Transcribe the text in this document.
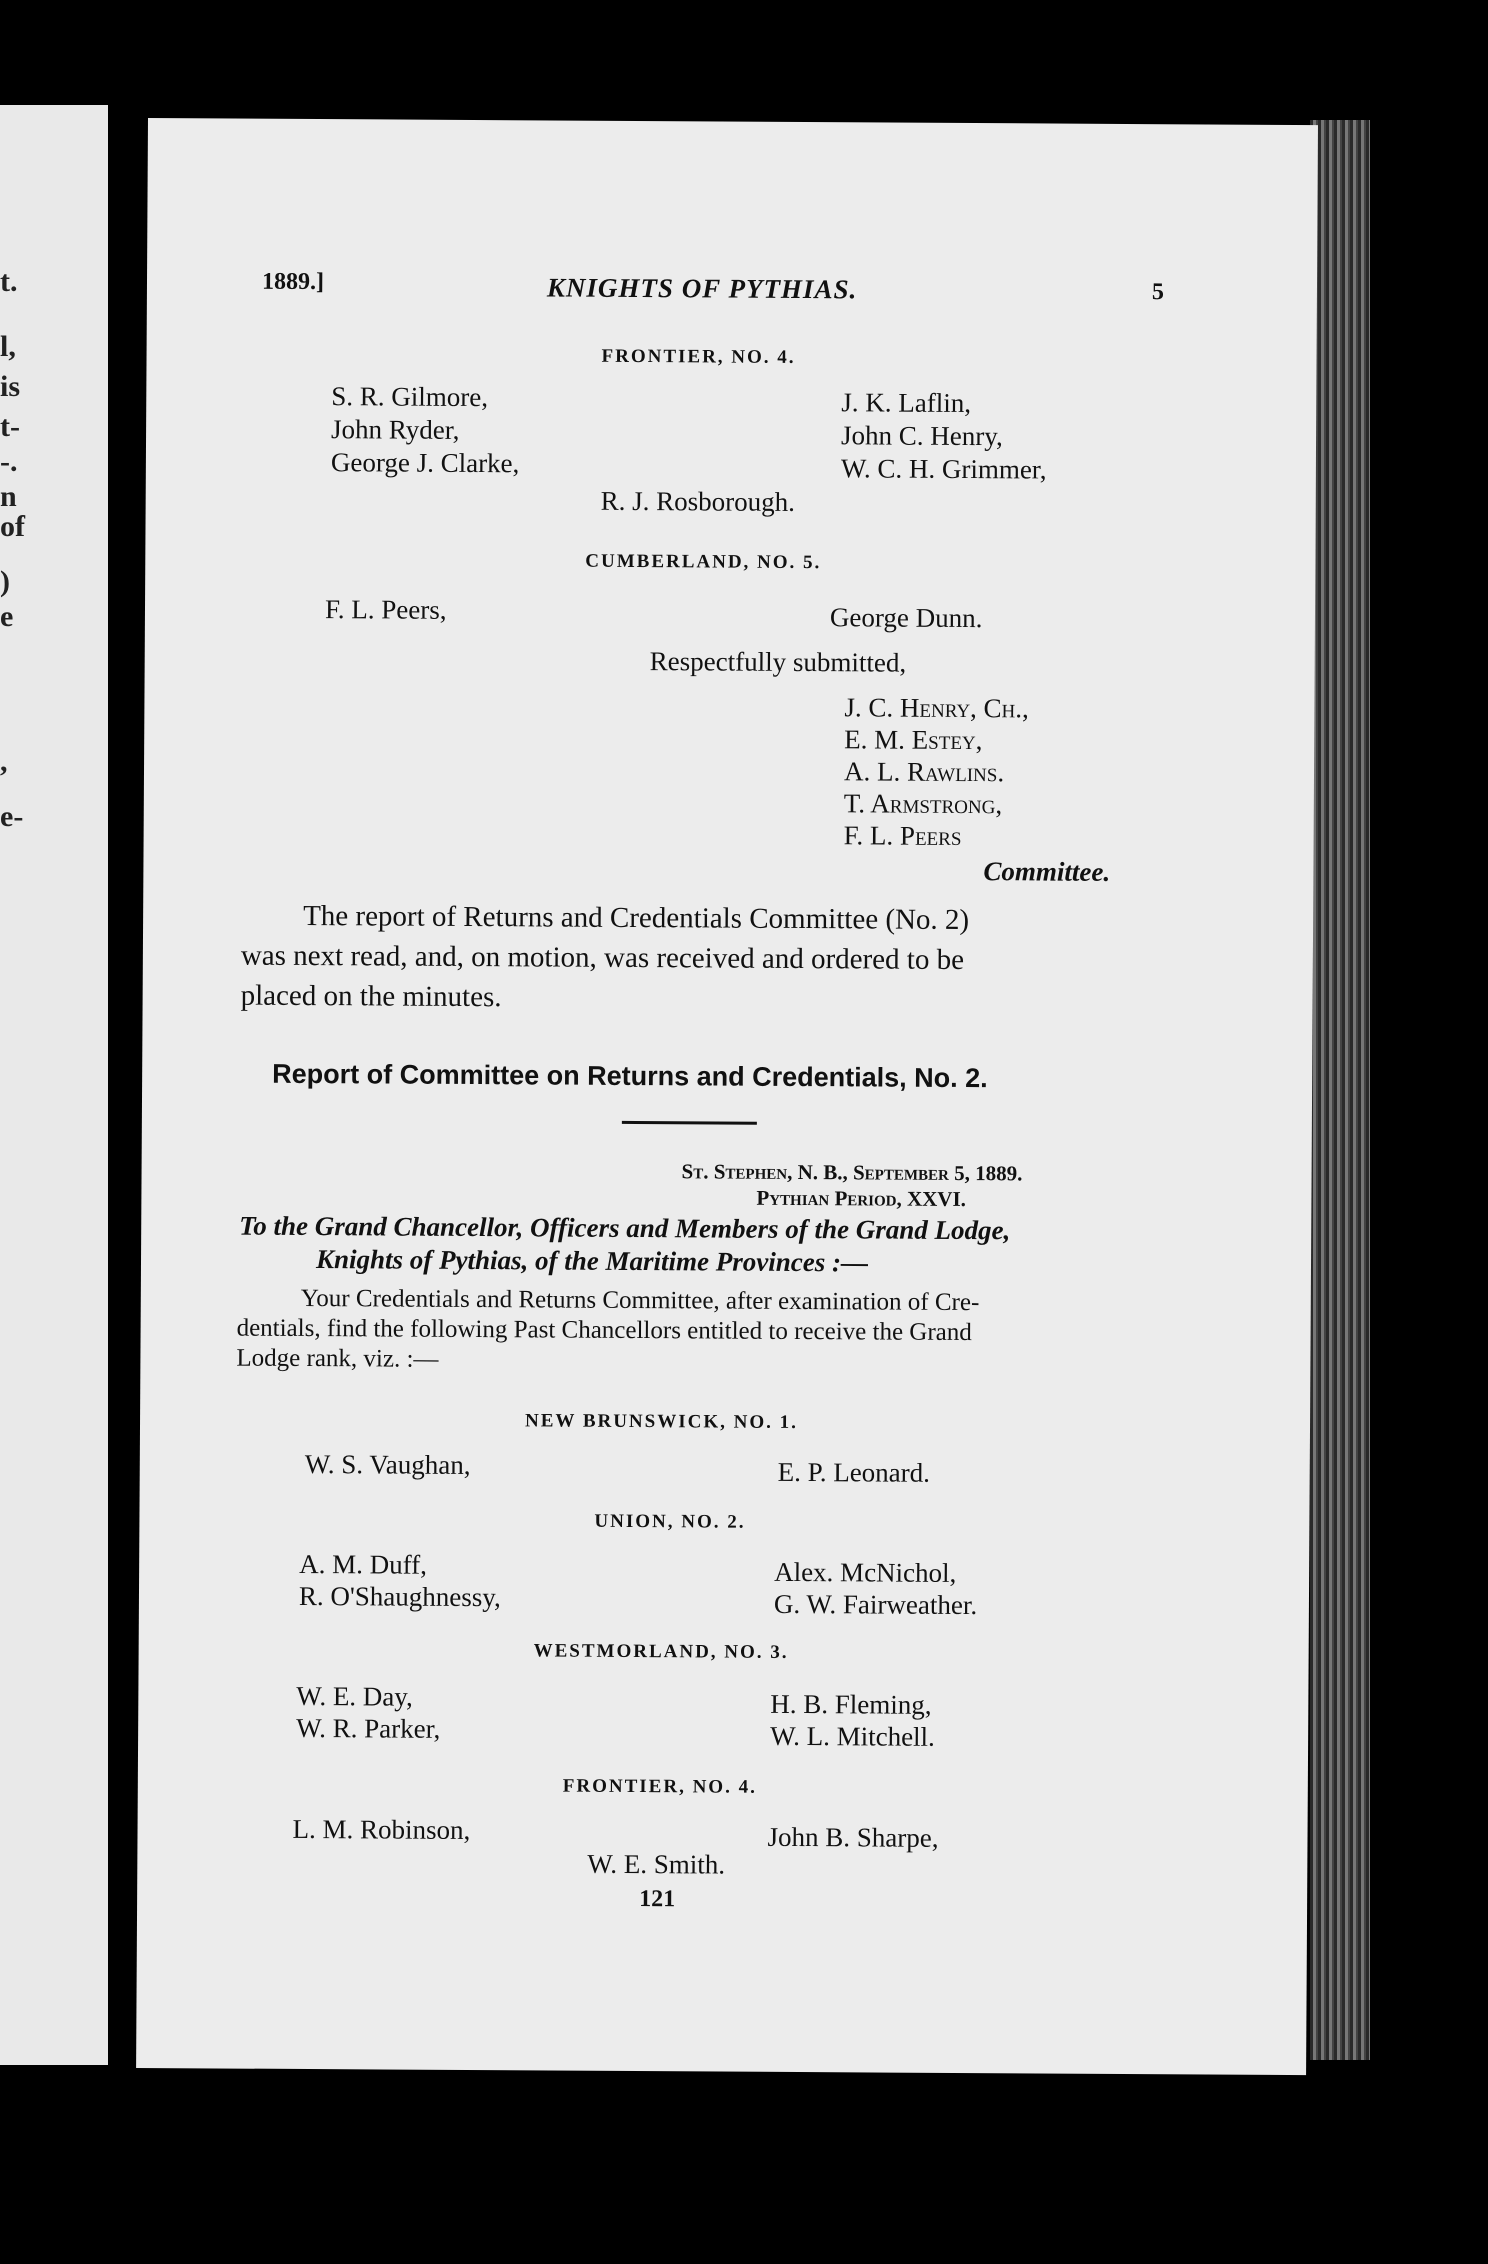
t.
l,
is
t-
-.
n
of
)
e
,
e-
1889.]	KNIGHTS OF PYTHIAS.	5
FRONTIER, NO. 4.
S. R. Gilmore,
John Ryder,
George J. Clarke,
J. K. Laflin,
John C. Henry,
W. C. H. Grimmer,
R. J. Rosborough.
CUMBERLAND, NO. 5.
F. L. Peers,	George Dunn.
Respectfully submitted,
J. C. Henry, Ch.,
E. M. Estey,
A. L. Rawlins.
T. Armstrong,
F. L. Peers
Committee.
The report of Returns and Credentials Committee (No. 2)
was next read, and, on motion, was received and ordered to be
placed on the minutes.
Report of Committee on Returns and Credentials, No. 2.
St. Stephen, N. B., September 5, 1889.
Pythian Period, XXVI.
To the Grand Chancellor, Officers and Members of the Grand Lodge,
Knights of Pythias, of the Maritime Provinces :—
Your Credentials and Returns Committee, after examination of Cre-
dentials, find the following Past Chancellors entitled to receive the Grand
Lodge rank, viz. :—
NEW BRUNSWICK, NO. 1.
W. S. Vaughan,	E. P. Leonard.
UNION, NO. 2.
A. M. Duff,
R. O'Shaughnessy,
Alex. McNichol,
G. W. Fairweather.
WESTMORLAND, NO. 3.
W. E. Day,
W. R. Parker,
H. B. Fleming,
W. L. Mitchell.
FRONTIER, NO. 4.
L. M. Robinson,	John B. Sharpe,
W. E. Smith.
121
